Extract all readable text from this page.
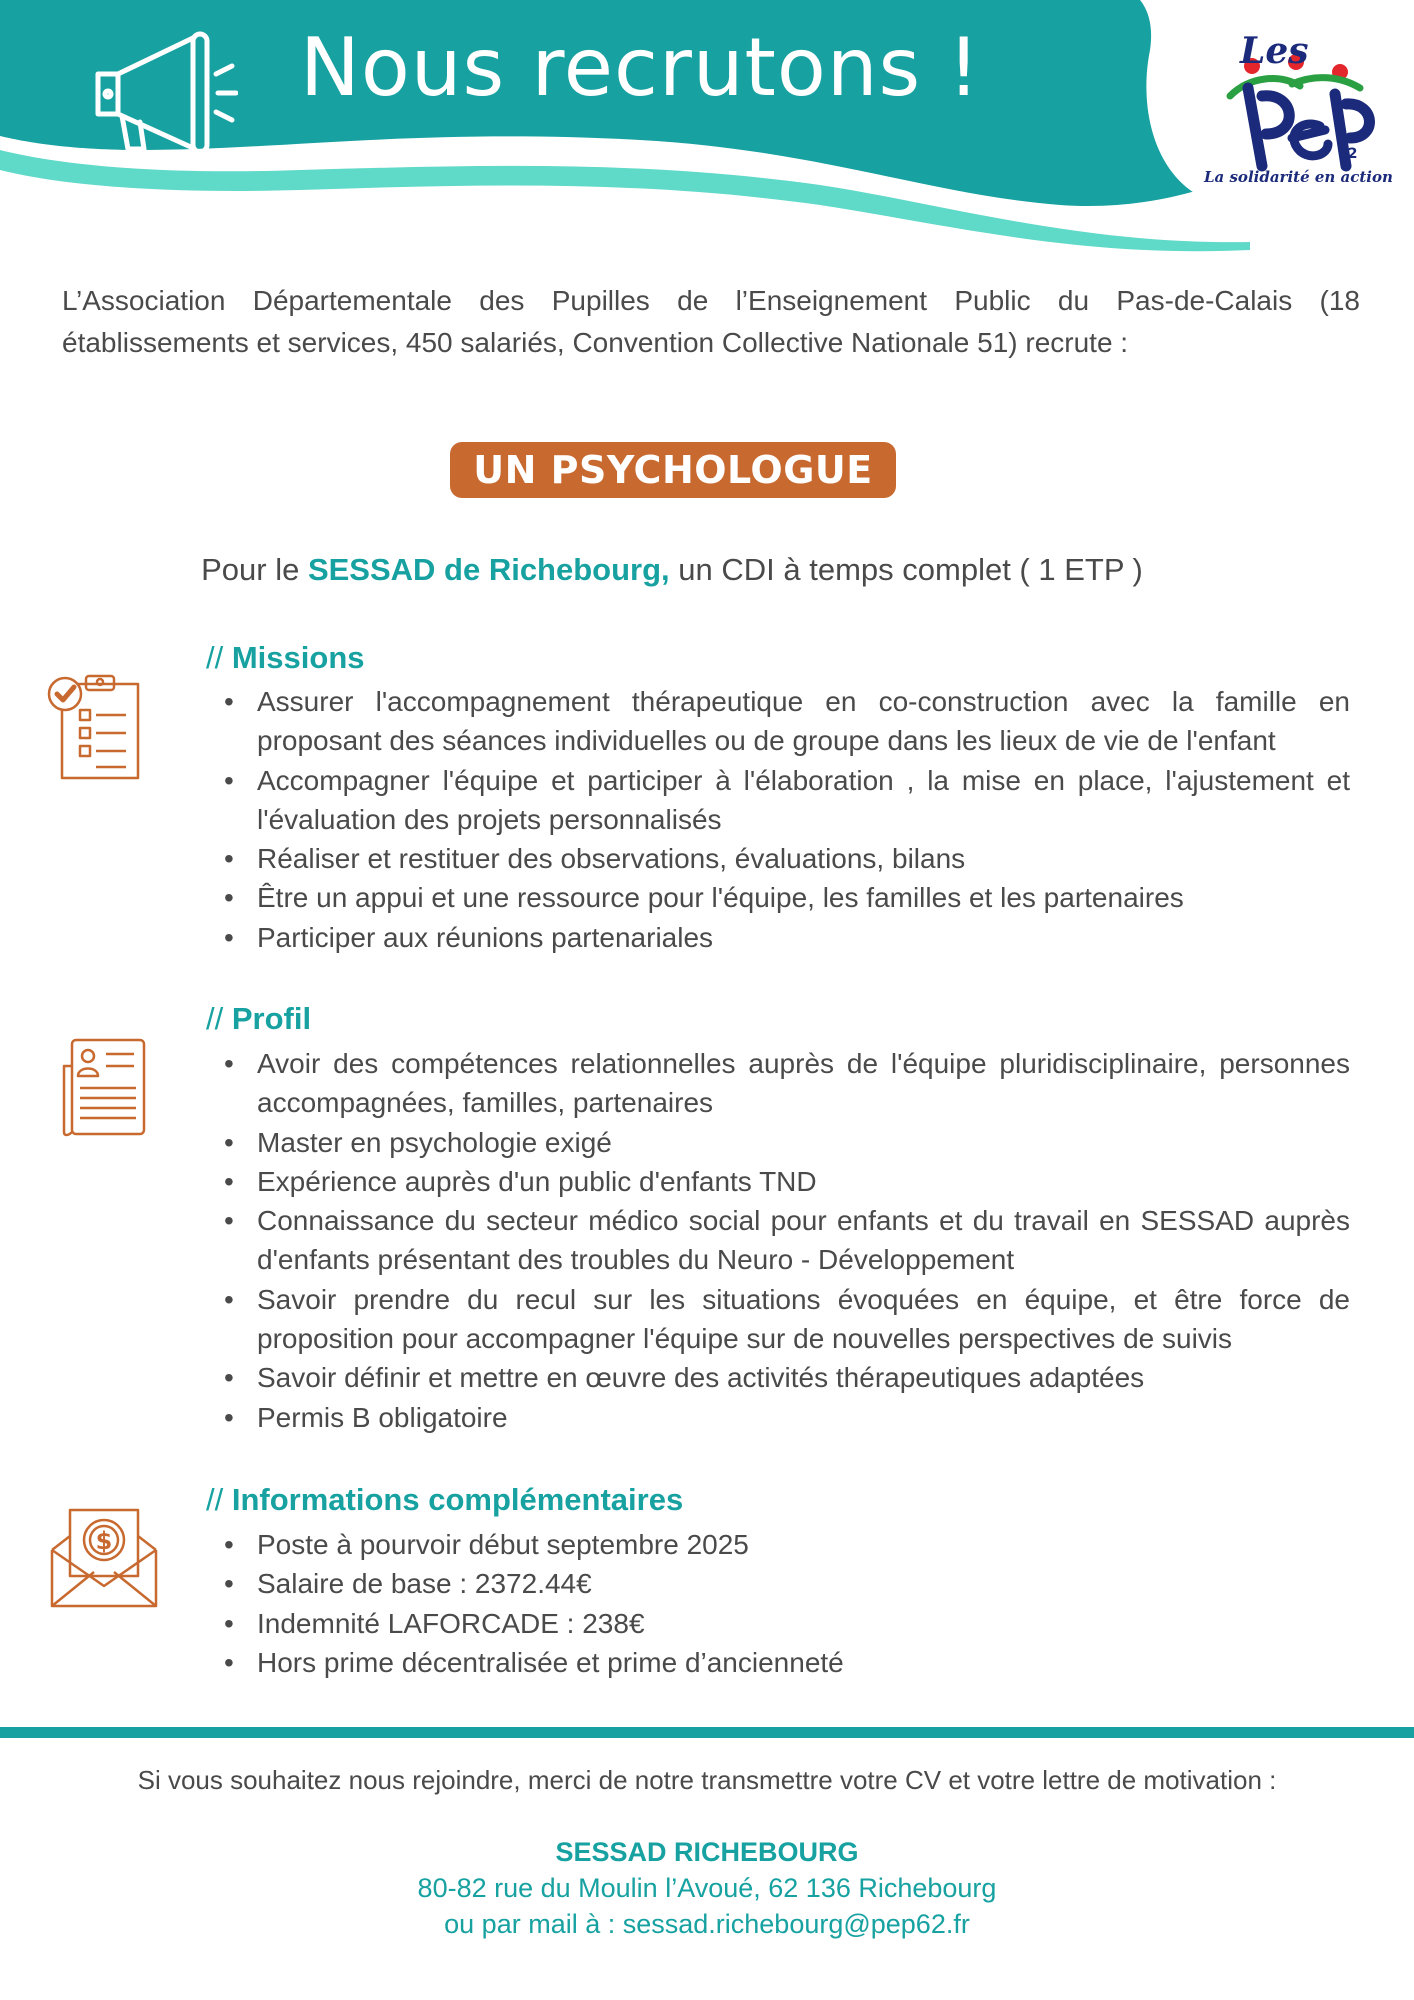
Nous recrutons !	Les
62
La solidarité en action

L’Association Départementale des Pupilles de l’Enseignement Public du Pas-de-Calais (18 établissements et services, 450 salariés, Convention Collective Nationale 51) recrute :

UN PSYCHOLOGUE H/F

Pour le SESSAD de Richebourg, un CDI à temps complet ( 1 ETP )

// Missions
• Assurer l'accompagnement thérapeutique en co-construction avec la famille en proposant des séances individuelles ou de groupe dans les lieux de vie de l'enfant
• Accompagner l'équipe et participer à l'élaboration , la mise en place, l'ajustement et l'évaluation des projets personnalisés
• Réaliser et restituer des observations, évaluations, bilans
• Être un appui et une ressource pour l'équipe, les familles et les partenaires
• Participer aux réunions partenariales
// Profil
• Avoir des compétences relationnelles auprès de l'équipe pluridisciplinaire, personnes accompagnées, familles, partenaires
• Master en psychologie exigé
• Expérience auprès d'un public d'enfants TND
• Connaissance du secteur médico social pour enfants et du travail en SESSAD auprès d'enfants présentant des troubles du Neuro - Développement
• Savoir prendre du recul sur les situations évoquées en équipe, et être force de proposition pour accompagner l'équipe sur de nouvelles perspectives de suivis
• Savoir définir et mettre en œuvre des activités thérapeutiques adaptées
• Permis B obligatoire
$
// Informations complémentaires
• Poste à pourvoir début septembre 2025
• Salaire de base : 2372.44€
• Indemnité LAFORCADE : 238€
• Hors prime décentralisée et prime d’ancienneté

Si vous souhaitez nous rejoindre, merci de notre transmettre votre CV et votre lettre de motivation :

SESSAD RICHEBOURG

80-82 rue du Moulin l’Avoué, 62 136 Richebourg

ou par mail à : sessad.richebourg@pep62.fr
